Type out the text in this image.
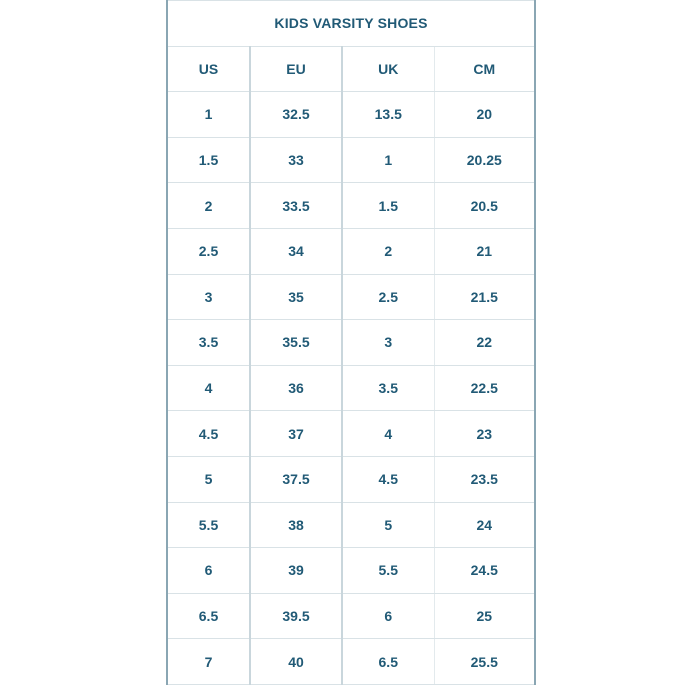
KIDS VARSITY SHOES			
US	EU	UK	CM
1	32.5	13.5	20
1.5	33	1	20.25
2	33.5	1.5	20.5
2.5	34	2	21
3	35	2.5	21.5
3.5	35.5	3	22
4	36	3.5	22.5
4.5	37	4	23
5	37.5	4.5	23.5
5.5	38	5	24
6	39	5.5	24.5
6.5	39.5	6	25
7	40	6.5	25.5
